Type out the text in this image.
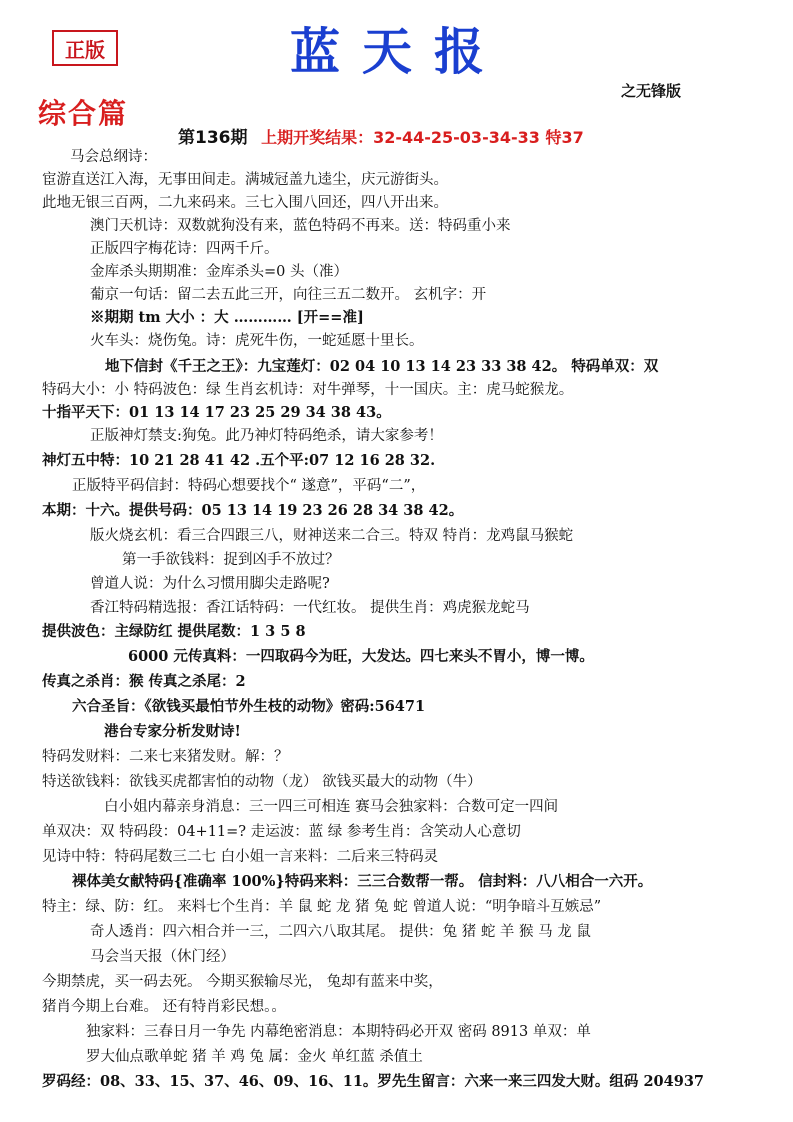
正版	蓝天报
之无锋版
综合篇
第136期 上期开奖结果：32-44-25-03-34-33 特37
马会总纲诗：
宦游直送江入海，无事田间走。满城冠盖九逵尘，庆元游街头。
此地无银三百两，二九来码来。三七入围八回还，四八开出来。
澳门天机诗：双数就狗没有来，蓝色特码不再来。送：特码重小来
正版四字梅花诗：四两千斤。
金库杀头期期准：金库杀头=0 头（准）
葡京一句话：留二去五此三开，向往三五二数开。 玄机字：开
※期期 tm 大小 ：大 ………… [开==准]
火车头：烧伤兔。诗：虎死牛伤，一蛇延愿十里长。
地下信封《千王之王》：九宝莲灯：02 04 10 13 14 23 33 38 42。 特码单双：双
特码大小：小 特码波色：绿 生肖玄机诗：对牛弹琴，十一国庆。主：虎马蛇猴龙。
十指平天下：01 13 14 17 23 25 29 34 38 43。
正版神灯禁支:狗兔。此乃神灯特码绝杀，请大家参考！
神灯五中特：10 21 28 41 42 .五个平:07 12 16 28 32.
正版特平码信封：特码心想要找个“ 遂意”，平码“二”，
本期：十六。提供号码：05 13 14 19 23 26 28 34 38 42。
版火烧玄机：看三合四跟三八，财神送来二合三。特双 特肖：龙鸡鼠马猴蛇
第一手欲钱料：捉到凶手不放过？
曾道人说：为什么习惯用脚尖走路呢?
香江特码精选报：香江话特码：一代红妆。 提供生肖：鸡虎猴龙蛇马
提供波色：主绿防红 提供尾数：1 3 5 8
6000 元传真料：一四取码今为旺，大发达。四七来头不胃小，博一博。
传真之杀肖：猴 传真之杀尾：2
六合圣旨：《欲钱买最怕节外生枝的动物》密码:56471
港台专家分析发财诗!
特码发财料：二来七来猪发财。解：？
特送欲钱料：欲钱买虎都害怕的动物（龙） 欲钱买最大的动物（牛）
白小姐内幕亲身消息：三一四三可相连 赛马会独家料：合数可定一四间
单双决：双 特码段：04+11=? 走运波：蓝 绿 参考生肖：含笑动人心意切
见诗中特：特码尾数三二七 白小姐一言来料：二后来三特码灵
裸体美女献特码{准确率 100%}特码来料：三三合数帮一帮。 信封料：八八相合一六开。
特主：绿、防：红。 来料七个生肖：羊 鼠 蛇 龙 猪 兔 蛇 曾道人说：“明争暗斗互嫉忌”
奇人透肖：四六相合并一三，二四六八取其尾。 提供：兔 猪 蛇 羊 猴 马 龙 鼠
马会当天报（休门经）
今期禁虎，买一码去死。 今期买猴输尽光， 兔却有蓝来中奖，
猪肖今期上台难。 还有特肖彩民想。。
独家料：三春日月一争先 内幕绝密消息：本期特码必开双 密码 8913 单双：单
罗大仙点歌单蛇 猪 羊 鸡 兔 属：金火 单红蓝 杀值土
罗码经：08、33、15、37、46、09、16、11。罗先生留言：六来一来三四发大财。组码 204937
